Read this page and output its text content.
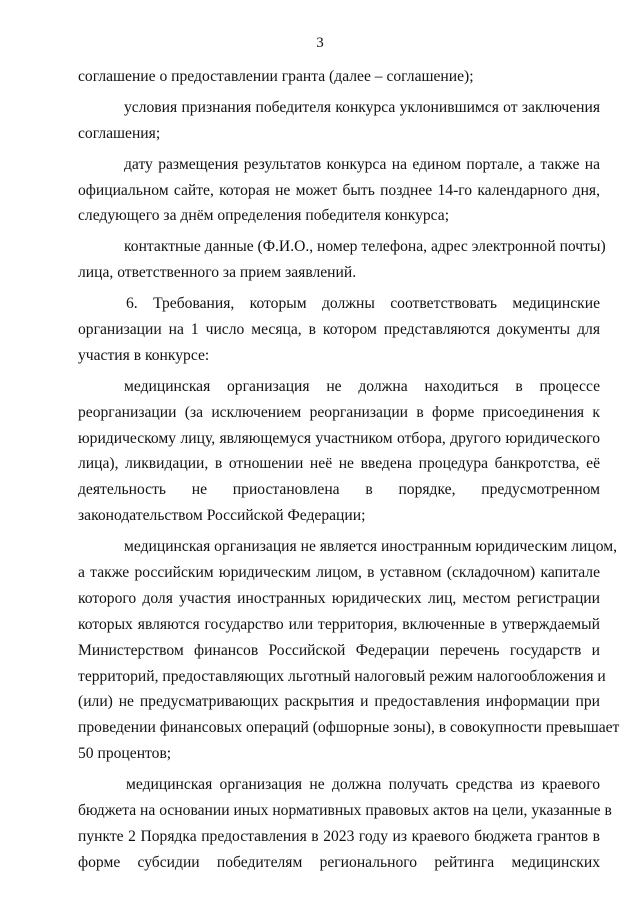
3
соглашение о предоставлении гранта (далее – соглашение);
условия признания победителя конкурса уклонившимся от заключения
соглашения;
дату размещения результатов конкурса на едином портале, а также на
официальном сайте, которая не может быть позднее 14-го календарного дня,
следующего за днём определения победителя конкурса;
контактные данные (Ф.И.О., номер телефона, адрес электронной почты)
лица, ответственного за прием заявлений.
6. Требования, которым должны соответствовать медицинские
организации на 1 число месяца, в котором представляются документы для
участия в конкурсе:
медицинская организация не должна находиться в процессе
реорганизации (за исключением реорганизации в форме присоединения к
юридическому лицу, являющемуся участником отбора, другого юридического
лица), ликвидации, в отношении неё не введена процедура банкротства, её
деятельность не приостановлена в порядке, предусмотренном
законодательством Российской Федерации;
медицинская организация не является иностранным юридическим лицом,
а также российским юридическим лицом, в уставном (складочном) капитале
которого доля участия иностранных юридических лиц, местом регистрации
которых являются государство или территория, включенные в утверждаемый
Министерством финансов Российской Федерации перечень государств и
территорий, предоставляющих льготный налоговый режим налогообложения и
(или) не предусматривающих раскрытия и предоставления информации при
проведении финансовых операций (офшорные зоны), в совокупности превышает
50 процентов;
медицинская организация не должна получать средства из краевого
бюджета на основании иных нормативных правовых актов на цели, указанные в
пункте 2 Порядка предоставления в 2023 году из краевого бюджета грантов в
форме субсидии победителям регионального рейтинга медицинских
